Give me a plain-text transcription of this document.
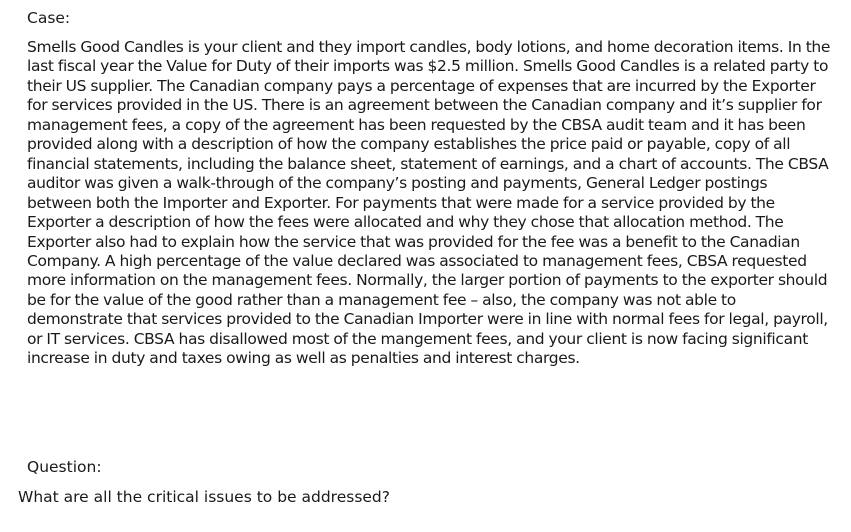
Case:

Smells Good Candles is your client and they import candles, body lotions, and home decoration items. In the last fiscal year the Value for Duty of their imports was $2.5 million. Smells Good Candles is a related party to their US supplier. The Canadian company pays a percentage of expenses that are incurred by the Exporter for services provided in the US. There is an agreement between the Canadian company and it’s supplier for management fees, a copy of the agreement has been requested by the CBSA audit team and it has been provided along with a description of how the company establishes the price paid or payable, copy of all financial statements, including the balance sheet, statement of earnings, and a chart of accounts. The CBSA auditor was given a walk-through of the company’s posting and payments, General Ledger postings between both the Importer and Exporter. For payments that were made for a service provided by the Exporter a description of how the fees were allocated and why they chose that allocation method. The Exporter also had to explain how the service that was provided for the fee was a benefit to the Canadian Company. A high percentage of the value declared was associated to management fees, CBSA requested more information on the management fees. Normally, the larger portion of payments to the exporter should be for the value of the good rather than a management fee – also, the company was not able to demonstrate that services provided to the Canadian Importer were in line with normal fees for legal, payroll, or IT services. CBSA has disallowed most of the mangement fees, and your client is now facing significant increase in duty and taxes owing as well as penalties and interest charges.

Question:

What are all the critical issues to be addressed?
